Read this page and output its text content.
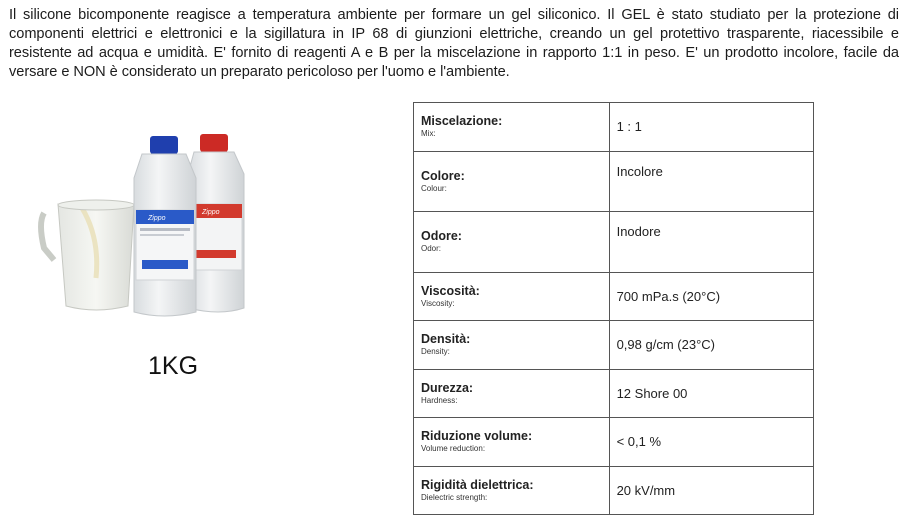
Il silicone bicomponente reagisce a temperatura ambiente per formare un gel siliconico. Il GEL è stato studiato per la protezione di componenti elettrici e elettronici e la sigillatura in IP 68 di giunzioni elettriche, creando un gel protettivo trasparente, riacessibile e resistente ad acqua e umidità. E' fornito di reagenti A e B per la miscelazione in rapporto 1:1 in peso. E' un prodotto incolore, facile da versare e NON è considerato un preparato pericoloso per l'uomo e l'ambiente.
Zippo
Zippo
1KG
Miscelazione:
Mix:	1 : 1

Colore:
Colour:	Incolore

Odore:
Odor:	Inodore

Viscosità:
Viscosity:	700 mPa.s (20°C)

Densità:
Density:	0,98 g/cm (23°C)

Durezza:
Hardness:	12 Shore 00

Riduzione volume:
Volume reduction:	< 0,1 %

Rigidità dielettrica:
Dielectric strength:	20 kV/mm
